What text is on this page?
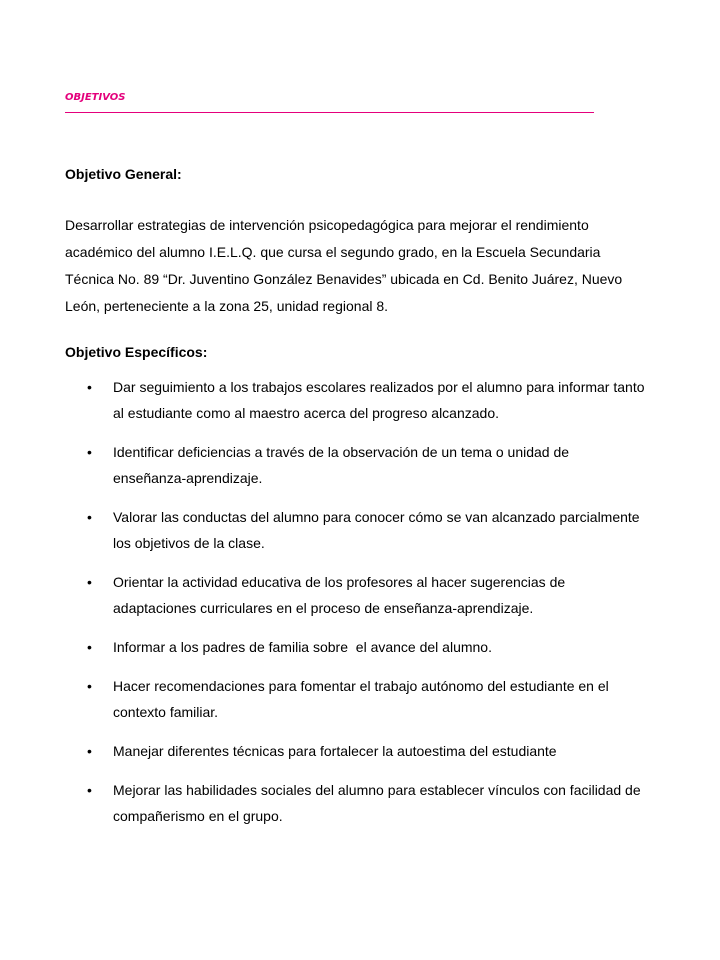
OBJETIVOS
Objetivo General:

Desarrollar estrategias de intervención psicopedagógica para mejorar el rendimiento académico del alumno I.E.L.Q. que cursa el segundo grado, en la Escuela Secundaria Técnica No. 89 “Dr. Juventino González Benavides” ubicada en Cd. Benito Juárez, Nuevo León, perteneciente a la zona 25, unidad regional 8.

Objetivo Específicos:
• Dar seguimiento a los trabajos escolares realizados por el alumno para informar tanto al estudiante como al maestro acerca del progreso alcanzado.
• Identificar deficiencias a través de la observación de un tema o unidad de enseñanza-aprendizaje.
• Valorar las conductas del alumno para conocer cómo se van alcanzado parcialmente los objetivos de la clase.
• Orientar la actividad educativa de los profesores al hacer sugerencias de adaptaciones curriculares en el proceso de enseñanza-aprendizaje.
• Informar a los padres de familia sobre  el avance del alumno.
• Hacer recomendaciones para fomentar el trabajo autónomo del estudiante en el contexto familiar.
• Manejar diferentes técnicas para fortalecer la autoestima del estudiante
• Mejorar las habilidades sociales del alumno para establecer vínculos con facilidad de compañerismo en el grupo.
